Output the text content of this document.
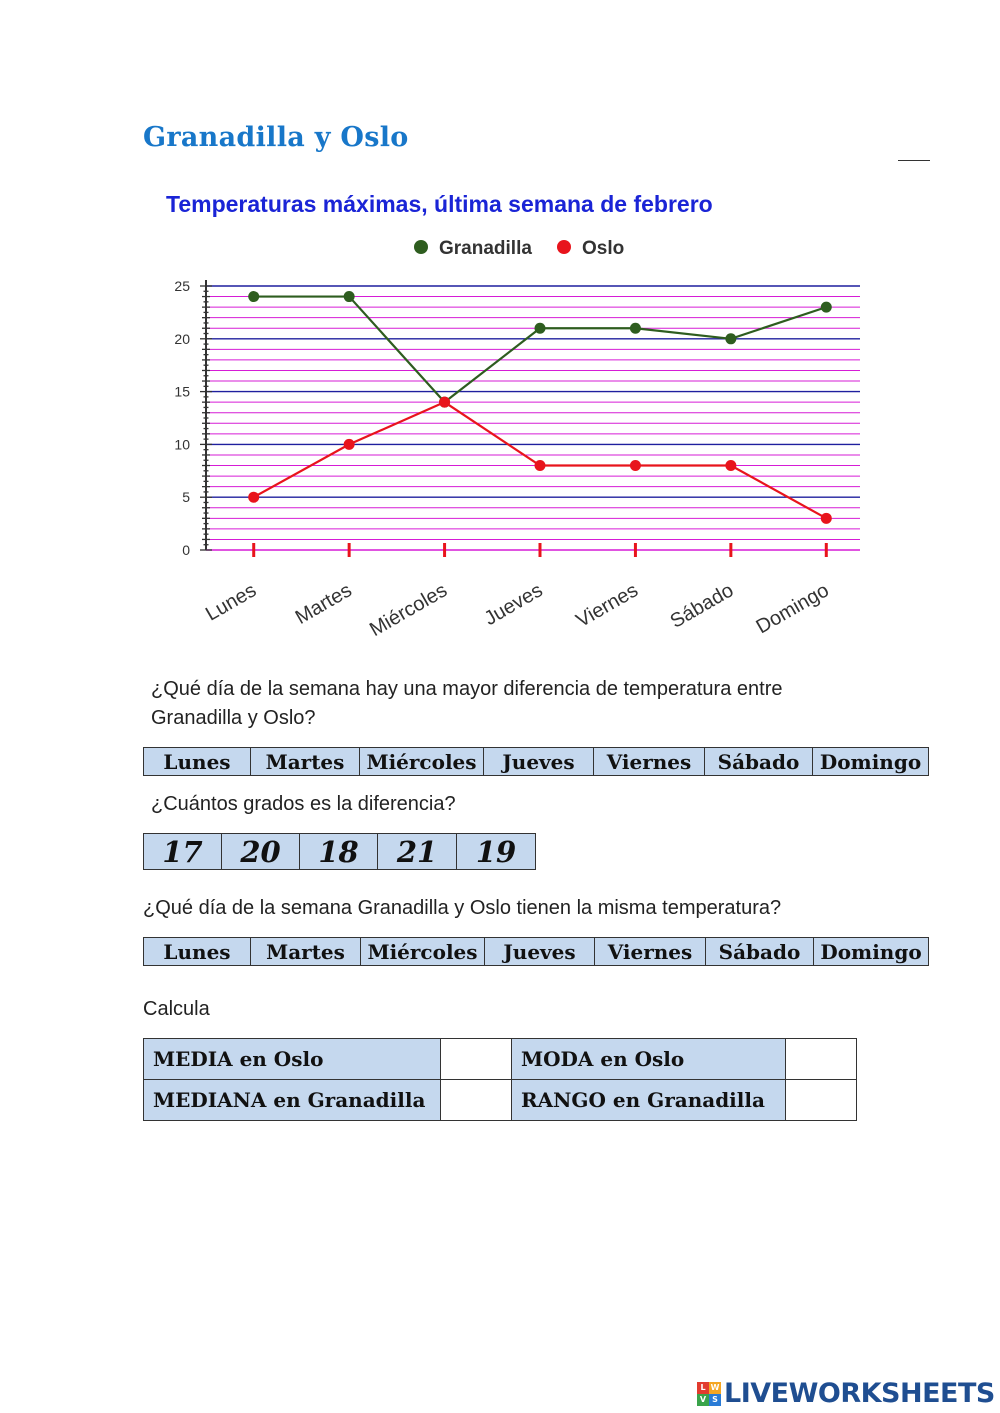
Granadilla y Oslo
Temperaturas máximas, última semana de febrero
Granadilla	Oslo
0
5
10
15
20
25
Lunes Martes Miércoles Jueves Viernes Sábado Domingo

¿Qué día de la semana hay una mayor diferencia de temperatura entre
Granadilla y Oslo?

Lunes	Martes	Miércoles	Jueves	Viernes	Sábado	Domingo

¿Cuántos grados es la diferencia?

17	20	18	21	19

¿Qué día de la semana Granadilla y Oslo tienen la misma temperatura?

Lunes	Martes	Miércoles	Jueves	Viernes	Sábado	Domingo

Calcula

MEDIA en Oslo		MODA en Oslo	
MEDIANA en Granadilla		RANGO en Granadilla	
L W
V S LIVEWORKSHEETS
